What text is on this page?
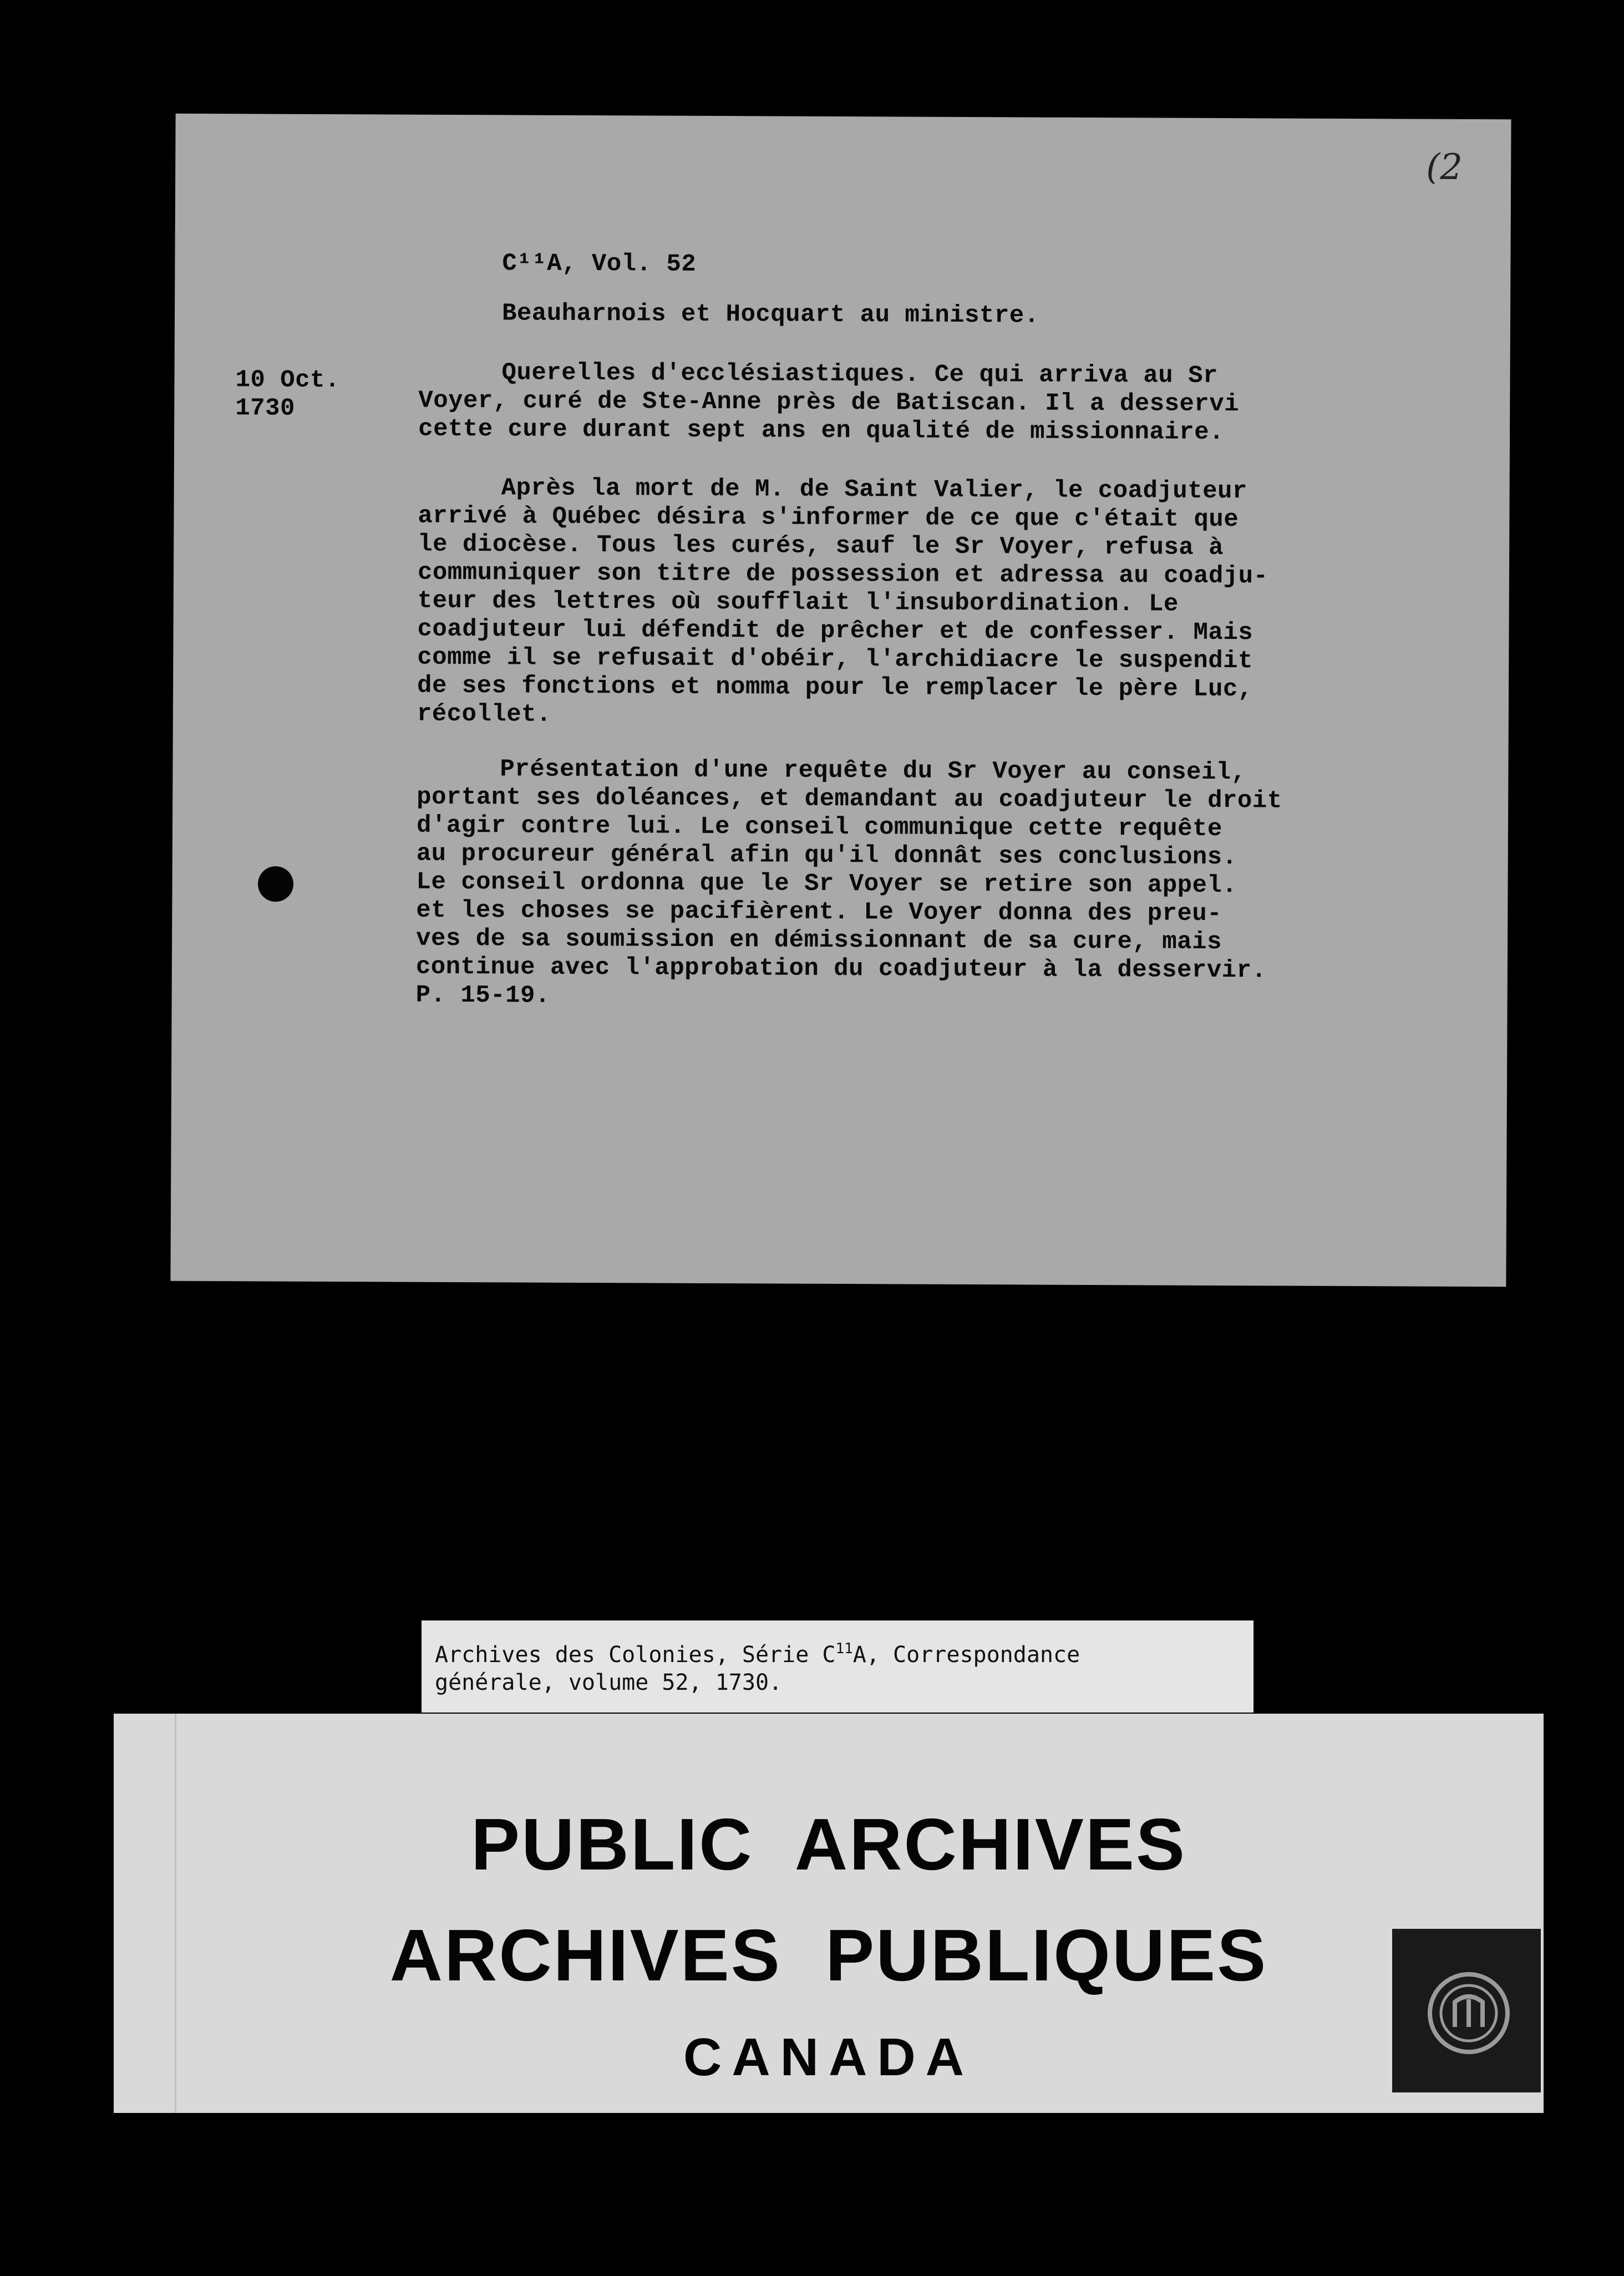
(2
C¹¹A, Vol. 52
Beauharnois et Hocquart au ministre.
10 Oct.
1730
Querelles d'ecclésiastiques. Ce qui arriva au Sr
Voyer, curé de Ste-Anne près de Batiscan. Il a desservi
cette cure durant sept ans en qualité de missionnaire.
Après la mort de M. de Saint Valier, le coadjuteur
arrivé à Québec désira s'informer de ce que c'était que
le diocèse. Tous les curés, sauf le Sr Voyer, refusa à
communiquer son titre de possession et adressa au coadju-
teur des lettres où soufflait l'insubordination. Le
coadjuteur lui défendit de prêcher et de confesser. Mais
comme il se refusait d'obéir, l'archidiacre le suspendit
de ses fonctions et nomma pour le remplacer le père Luc,
récollet.
Présentation d'une requête du Sr Voyer au conseil,
portant ses doléances, et demandant au coadjuteur le droit
d'agir contre lui. Le conseil communique cette requête
au procureur général afin qu'il donnât ses conclusions.
Le conseil ordonna que le Sr Voyer se retire son appel.
et les choses se pacifièrent. Le Voyer donna des preu-
ves de sa soumission en démissionnant de sa cure, mais
continue avec l'approbation du coadjuteur à la desservir.
P. 15-19.
Archives des Colonies, Série $C^{11}A$, Correspondance
générale, volume 52, 1730.
PUBLIC  ARCHIVES
ARCHIVES  PUBLIQUES
CANADA
